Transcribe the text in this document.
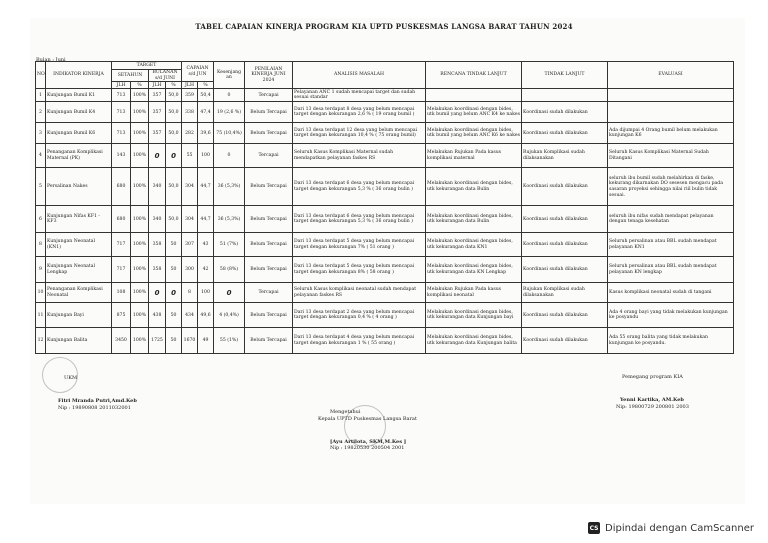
TABEL CAPAIAN KINERJA PROGRAM KIA UPTD PUSKESMAS LANGSA BARAT TAHUN 2024
Bulan : Juni
NO	INDIKATOR KINERJA	TARGET				CAPAIAN s/d JUN		Kesenjang an	PENILAIAN KINERJA JUNI 2024	ANALISIS MASALAH	RENCANA TINDAK LANJUT	TINDAK LANJUT	EVALUASI
		SETAHUN		BULANAN s/d JUNI									
		JLH	%	JLH	%	JLH	%						
1	Kunjungan Bumil K1	713	100%	357	50,0	359	50,4	0	Tercapai	Pelayanan ANC 1 sudah mencapai target dan sudah sesuai standar			
2	Kunjungan Bumil K4	713	100%	357	50,0	338	47,4	19 (2,6 %)	Belum Tercapai	Dari 13 desa terdapat 8 desa yang belum mencapai target dengan kekurangan 2,6 % ( 19 orang bumil )	Melakukan koordinasi dengan bides, utk bumil yang belum ANC K4 ke nakes	Koordinasi sudah dilakukan	
3	Kunjungan Bumil K6	713	100%	357	50,0	282	39,6	75 (10,4%)	Belum Tercapai	Dari 13 desa terdapat 12 desa yang belum mencapai target dengan kekurangan 10,4 % ( 75 orang bumil)	Melakukan koordinasi dengan bides, utk bumil yang belum ANC K6 ke nakes	Koordinasi sudah dilakukan	Ada dijumpai 4 Orang bumil belum melakukan kunjungan K6
4	Penanganan Komplikasi Maternal (PK)	143	100%	0	0	55	100	0	Tercapai	Seluruh Kasus Komplikasi Maternal sudah mendapatkan pelayanan faskes RS	Melakukan Rujukan Pada kasus komplikasi maternal	Rujukan Komplikasi sudah dilaksanakan	Seluruh Kasus Komplikasi Maternal Sudah Ditangani
5	Persalinan Nakes	680	100%	340	50,0	304	44,7	36 (5,3%)	Belum Tercapai	Dari 13 desa terdapat 6 desa yang belum mencapai target dengan kekurangan 5,3 % ( 36 orang bulin )	Melakukan koordinasi dengan bides, utk kekurangan data Bulin	Koordinasi sudah dilakukan	seluruh ibu bumil sudah melahirkan di faske, kekurang dikarnakan DO sesesen mengacu pada sasaran proyeksi sehingga nilai riil bulin tidak sesuai.
6	Kunjungan Nifas KF1 - KF3	680	100%	340	50,0	304	44,7	36 (5,3%)	Belum Tercapai	Dari 13 desa terdapat 6 desa yang belum mencapai target dengan kekurangan 5,3 % ( 36 orang bulin )	Melakukan koordinasi dengan bides, utk kekurangan data Bulin	Koordinasi sudah dilakukan	seluruh ibu nifas sudah mendapat pelayanan dengan tenaga kesehatan
8	Kunjungan Neonatal (KN1)	717	100%	358	50	307	43	51 (7%)	Belum Tercapai	Dari 13 desa terdapat 5 desa yang belum mencapai target dengan kekurangan 7% ( 51 orang )	Melakukan koordinasi dengan bides, utk kekurangan data KN1	Koordinasi sudah dilakukan	Seluruh persalinan atau BBL sudah mendapat pelayanan KN1
9	Kunjungan Neonatal Lengkap	717	100%	358	50	300	42	58 (8%)	Belum Tercapai	Dari 13 desa terdapat 5 desa yang belum mencapai target dengan kekurangan 8% ( 58 orang )	Melakukan koordinasi dengan bides, utk kekurangan data KN Lengkap	Koordinasi sudah dilakukan	Seluruh persalinan atau BBL sudah mendapat pelayanan KN lengkap
10	Penanganan Komplikasi Neonatal	108	100%	0	0	8	100	0	Tercapai	Seluruh Kasus komplikasi neonatal sudah mendapat pelayanan faskes RS	Melakukan Rujukan Pada kasus komplikasi neonatal	Rujukan Komplikasi sudah dilaksanakan	Kasus komplikasi neonatal sudah di tangani
11	Kunjungan Bayi	875	100%	438	50	434	49,6	4 (0,4%)	Belum Tercapai	Dari 13 desa terdapat 2 desa yang belum mencapai target dengan kekurangan 0,4 % ( 4 orang )	Melakukan koordinasi dengan bides, utk kekurangan data Kunjungan bayi	Koordinasi sudah dilakukan	Ada 4 orang bayi yang tidak melakukan kunjungan ke posyandu
12	Kunjungan Balita	3450	100%	1725	50	1670	49	55 (1%)	Belum Tercapai	Dari 13 desa terdapat 4 desa yang belum mencapai target dengan kekurangan 1 % ( 55 orang )	Melakukan koordinasi dengan bides, utk kekurangan data Kunjungan balita	Koordinasi sudah dilakukan	Ada 55 orang balita yang tidak melakukan kunjungan ke posyandu.
UKM
Fitri Mranda Putri,Amd.Keb
Nip : 19890808 2011032001
Mengetahui
Kepala UPTD Puskesmas Langsa Barat
[Ayu Artilota, SKM,M.Kes ]
Nip : 19820530 200504 2001
Pemegang program KIA
Yenni Kartika, AM.Keb
Nip: 19800729 200801 2003
CS Dipindai dengan CamScanner
